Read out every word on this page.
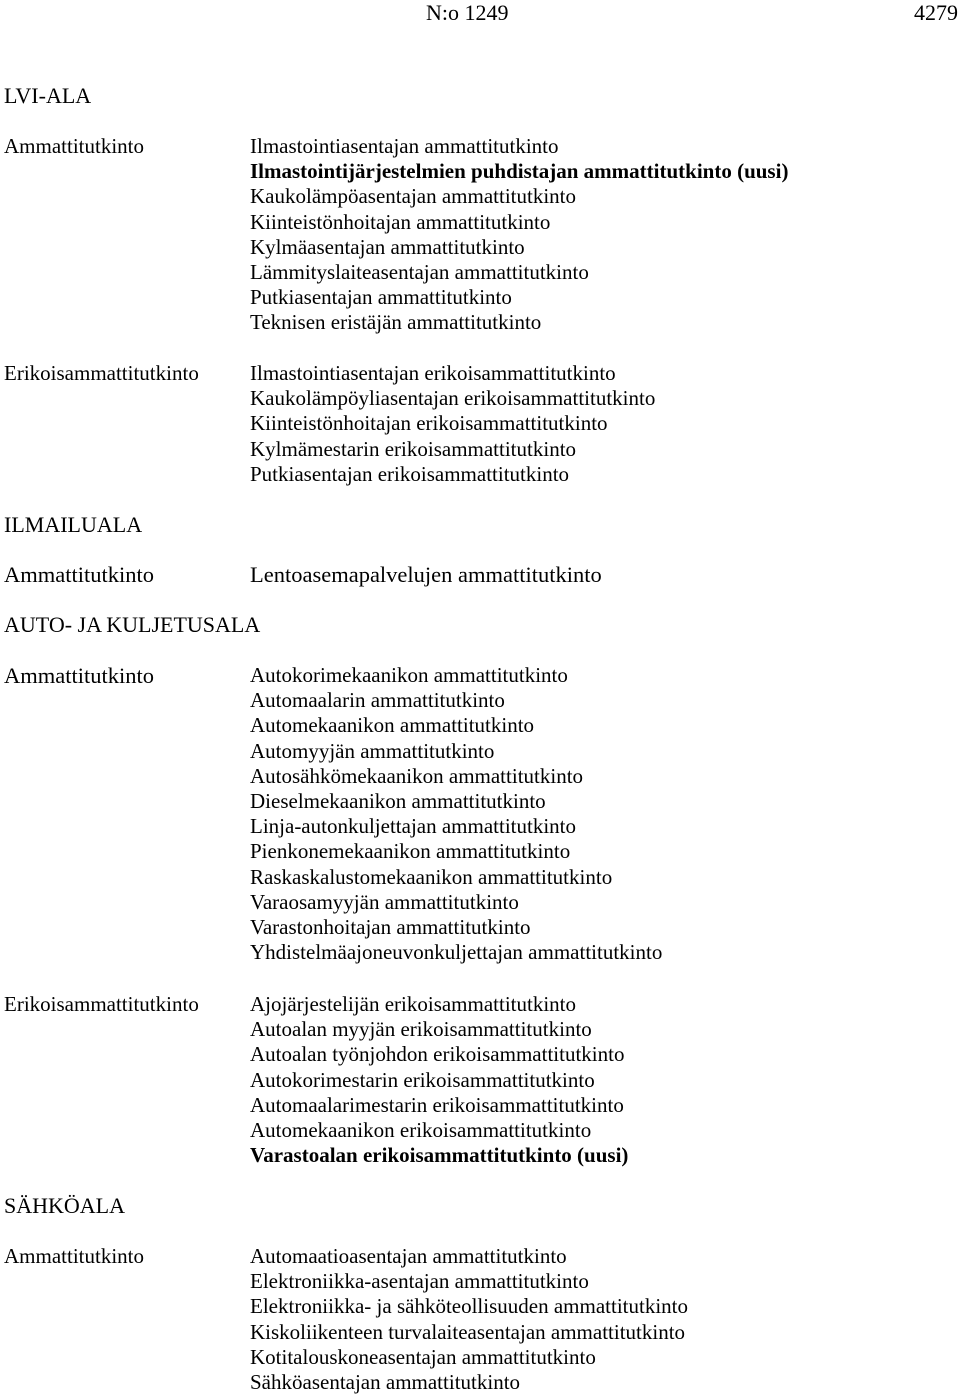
N:o 1249	4279
LVI-ALA
Ammattitutkinto	Ilmastointiasentajan ammattitutkinto
Ilmastointijärjestelmien puhdistajan ammattitutkinto (uusi)
Kaukolämpöasentajan ammattitutkinto
Kiinteistönhoitajan ammattitutkinto
Kylmäasentajan ammattitutkinto
Lämmityslaiteasentajan ammattitutkinto
Putkiasentajan ammattitutkinto
Teknisen eristäjän ammattitutkinto
Erikoisammattitutkinto Ilmastointiasentajan erikoisammattitutkinto
Kaukolämpöyliasentajan erikoisammattitutkinto
Kiinteistönhoitajan erikoisammattitutkinto
Kylmämestarin erikoisammattitutkinto
Putkiasentajan erikoisammattitutkinto
ILMAILUALA
Ammattitutkinto	Lentoasemapalvelujen ammattitutkinto
AUTO- JA KULJETUSALA
Ammattitutkinto	Autokorimekaanikon ammattitutkinto
Automaalarin ammattitutkinto
Automekaanikon ammattitutkinto
Automyyjän ammattitutkinto
Autosähkömekaanikon ammattitutkinto
Dieselmekaanikon ammattitutkinto
Linja-autonkuljettajan ammattitutkinto
Pienkonemekaanikon ammattitutkinto
Raskaskalustomekaanikon ammattitutkinto
Varaosamyyjän ammattitutkinto
Varastonhoitajan ammattitutkinto
Yhdistelmäajoneuvonkuljettajan ammattitutkinto
Erikoisammattitutkinto Ajojärjestelijän erikoisammattitutkinto
Autoalan myyjän erikoisammattitutkinto
Autoalan työnjohdon erikoisammattitutkinto
Autokorimestarin erikoisammattitutkinto
Automaalarimestarin erikoisammattitutkinto
Automekaanikon erikoisammattitutkinto
Varastoalan erikoisammattitutkinto (uusi)
SÄHKÖALA
Ammattitutkinto	Automaatioasentajan ammattitutkinto
Elektroniikka-asentajan ammattitutkinto
Elektroniikka- ja sähköteollisuuden ammattitutkinto
Kiskoliikenteen turvalaiteasentajan ammattitutkinto
Kotitalouskoneasentajan ammattitutkinto
Sähköasentajan ammattitutkinto
